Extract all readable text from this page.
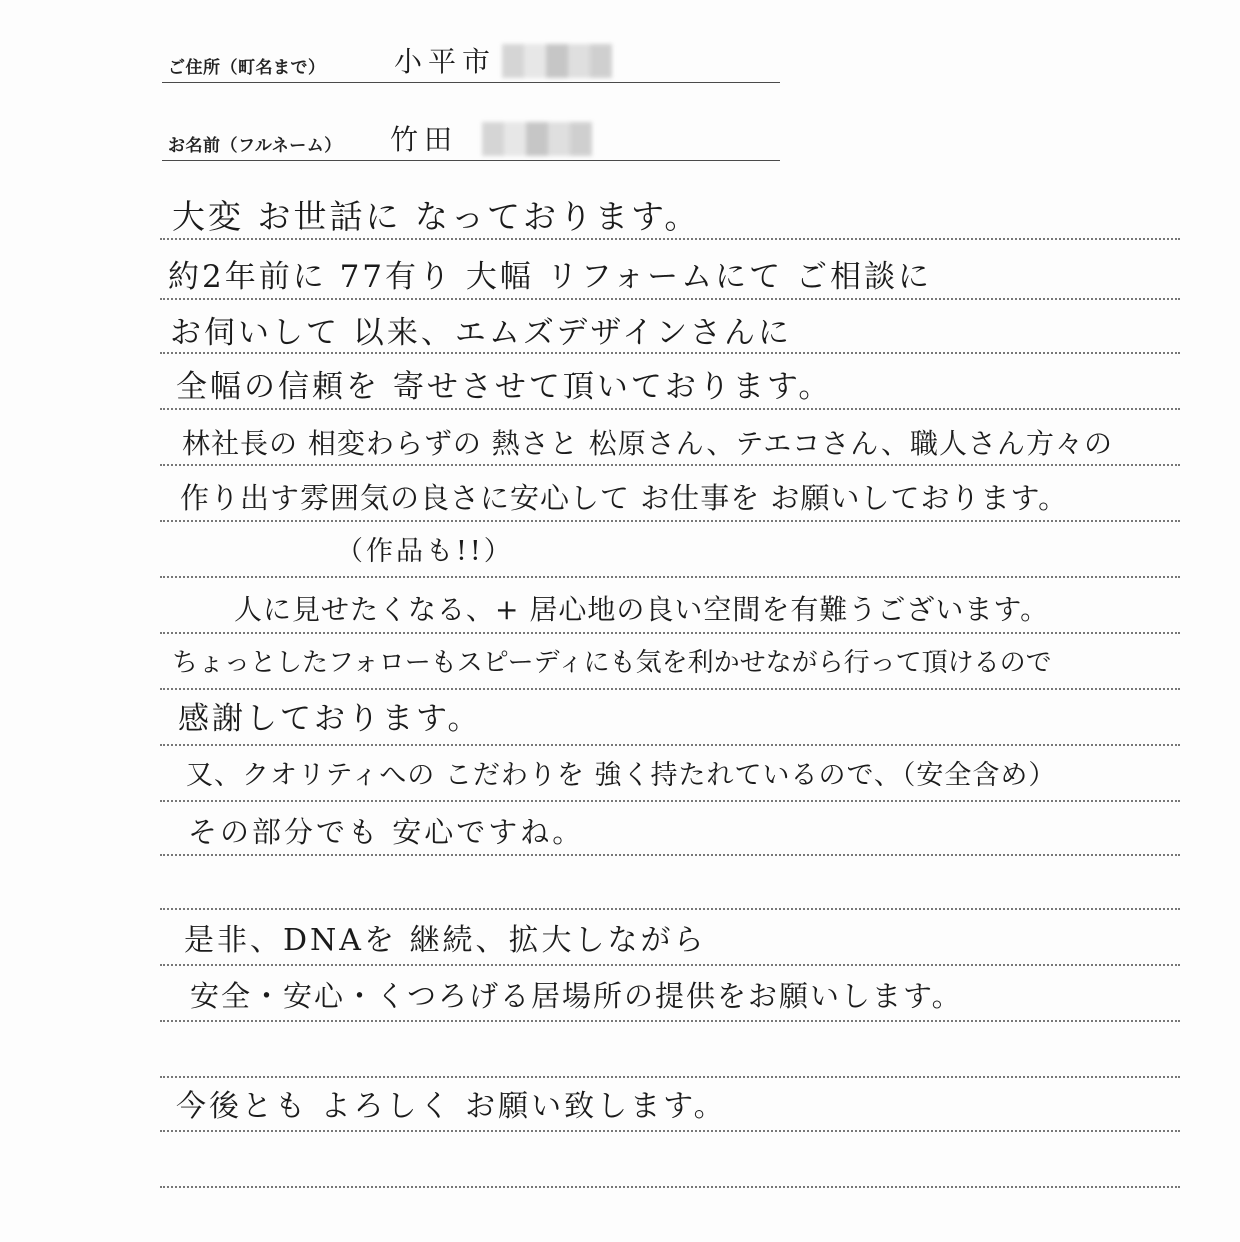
ご住所（町名まで） 小平市
お名前（フルネーム） 竹田
大変 お世話に なっております。
約2年前に 77有り 大幅 リフォームにて ご相談に
お伺いして 以来、エムズデザインさんに
全幅の信頼を 寄せさせて頂いております。
林社長の 相変わらずの 熱さと 松原さん、テエコさん、職人さん方々の
作り出す雰囲気の良さに安心して お仕事を お願いしております。
（作品も!!）
人に見せたくなる、+ 居心地の良い空間を有難うございます。
ちょっとしたフォローもスピーディにも気を利かせながら行って頂けるので
感謝しております。
又、クオリティへの こだわりを 強く持たれているので、（安全含め）
その部分でも 安心ですね。
是非、DNAを 継続、拡大しながら
安全・安心・くつろげる居場所の提供をお願いします。
今後とも よろしく お願い致します。
